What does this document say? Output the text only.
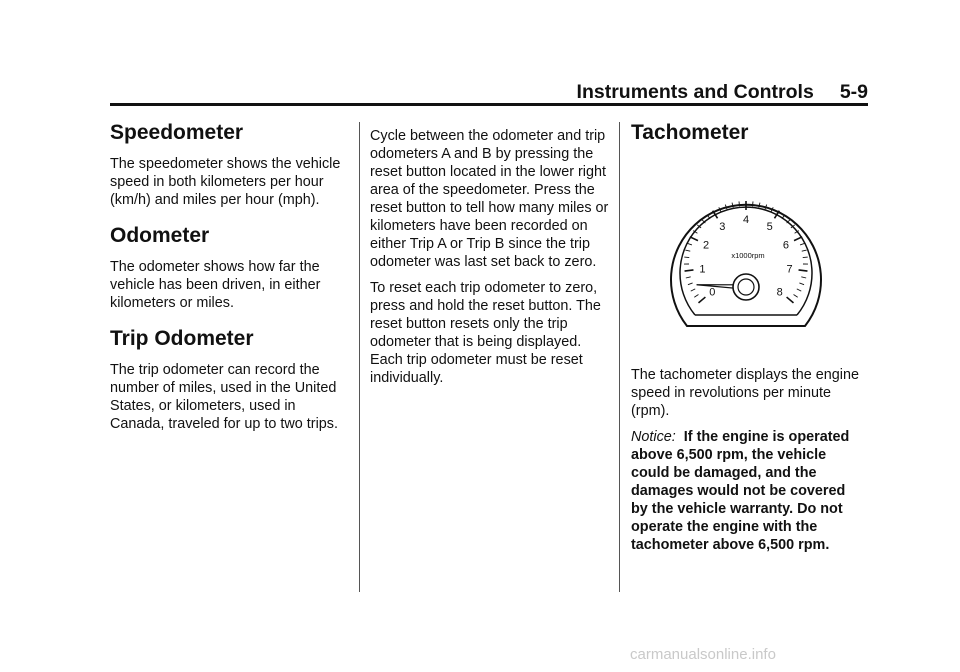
Instruments and Controls 5-9
Speedometer

The speedometer shows the vehicle speed in both kilometers per hour (km/h) and miles per hour (mph).

Odometer

The odometer shows how far the vehicle has been driven, in either kilometers or miles.

Trip Odometer

The trip odometer can record the number of miles, used in the United States, or kilometers, used in Canada, traveled for up to two trips.

Cycle between the odometer and trip odometers A and B by pressing the reset button located in the lower right area of the speedometer. Press the reset button to tell how many miles or kilometers have been recorded on either Trip A or Trip B since the trip odometer was last set back to zero.

To reset each trip odometer to zero, press and hold the reset button. The reset button resets only the trip odometer that is being displayed. Each trip odometer must be reset individually.

Tachometer
0
1
2
3
4
5
6
7
8
x1000rpm

The tachometer displays the engine speed in revolutions per minute (rpm).

Notice: If the engine is operated above 6,500 rpm, the vehicle could be damaged, and the damages would not be covered by the vehicle warranty. Do not operate the engine with the tachometer above 6,500 rpm.

carmanualsonline.info
